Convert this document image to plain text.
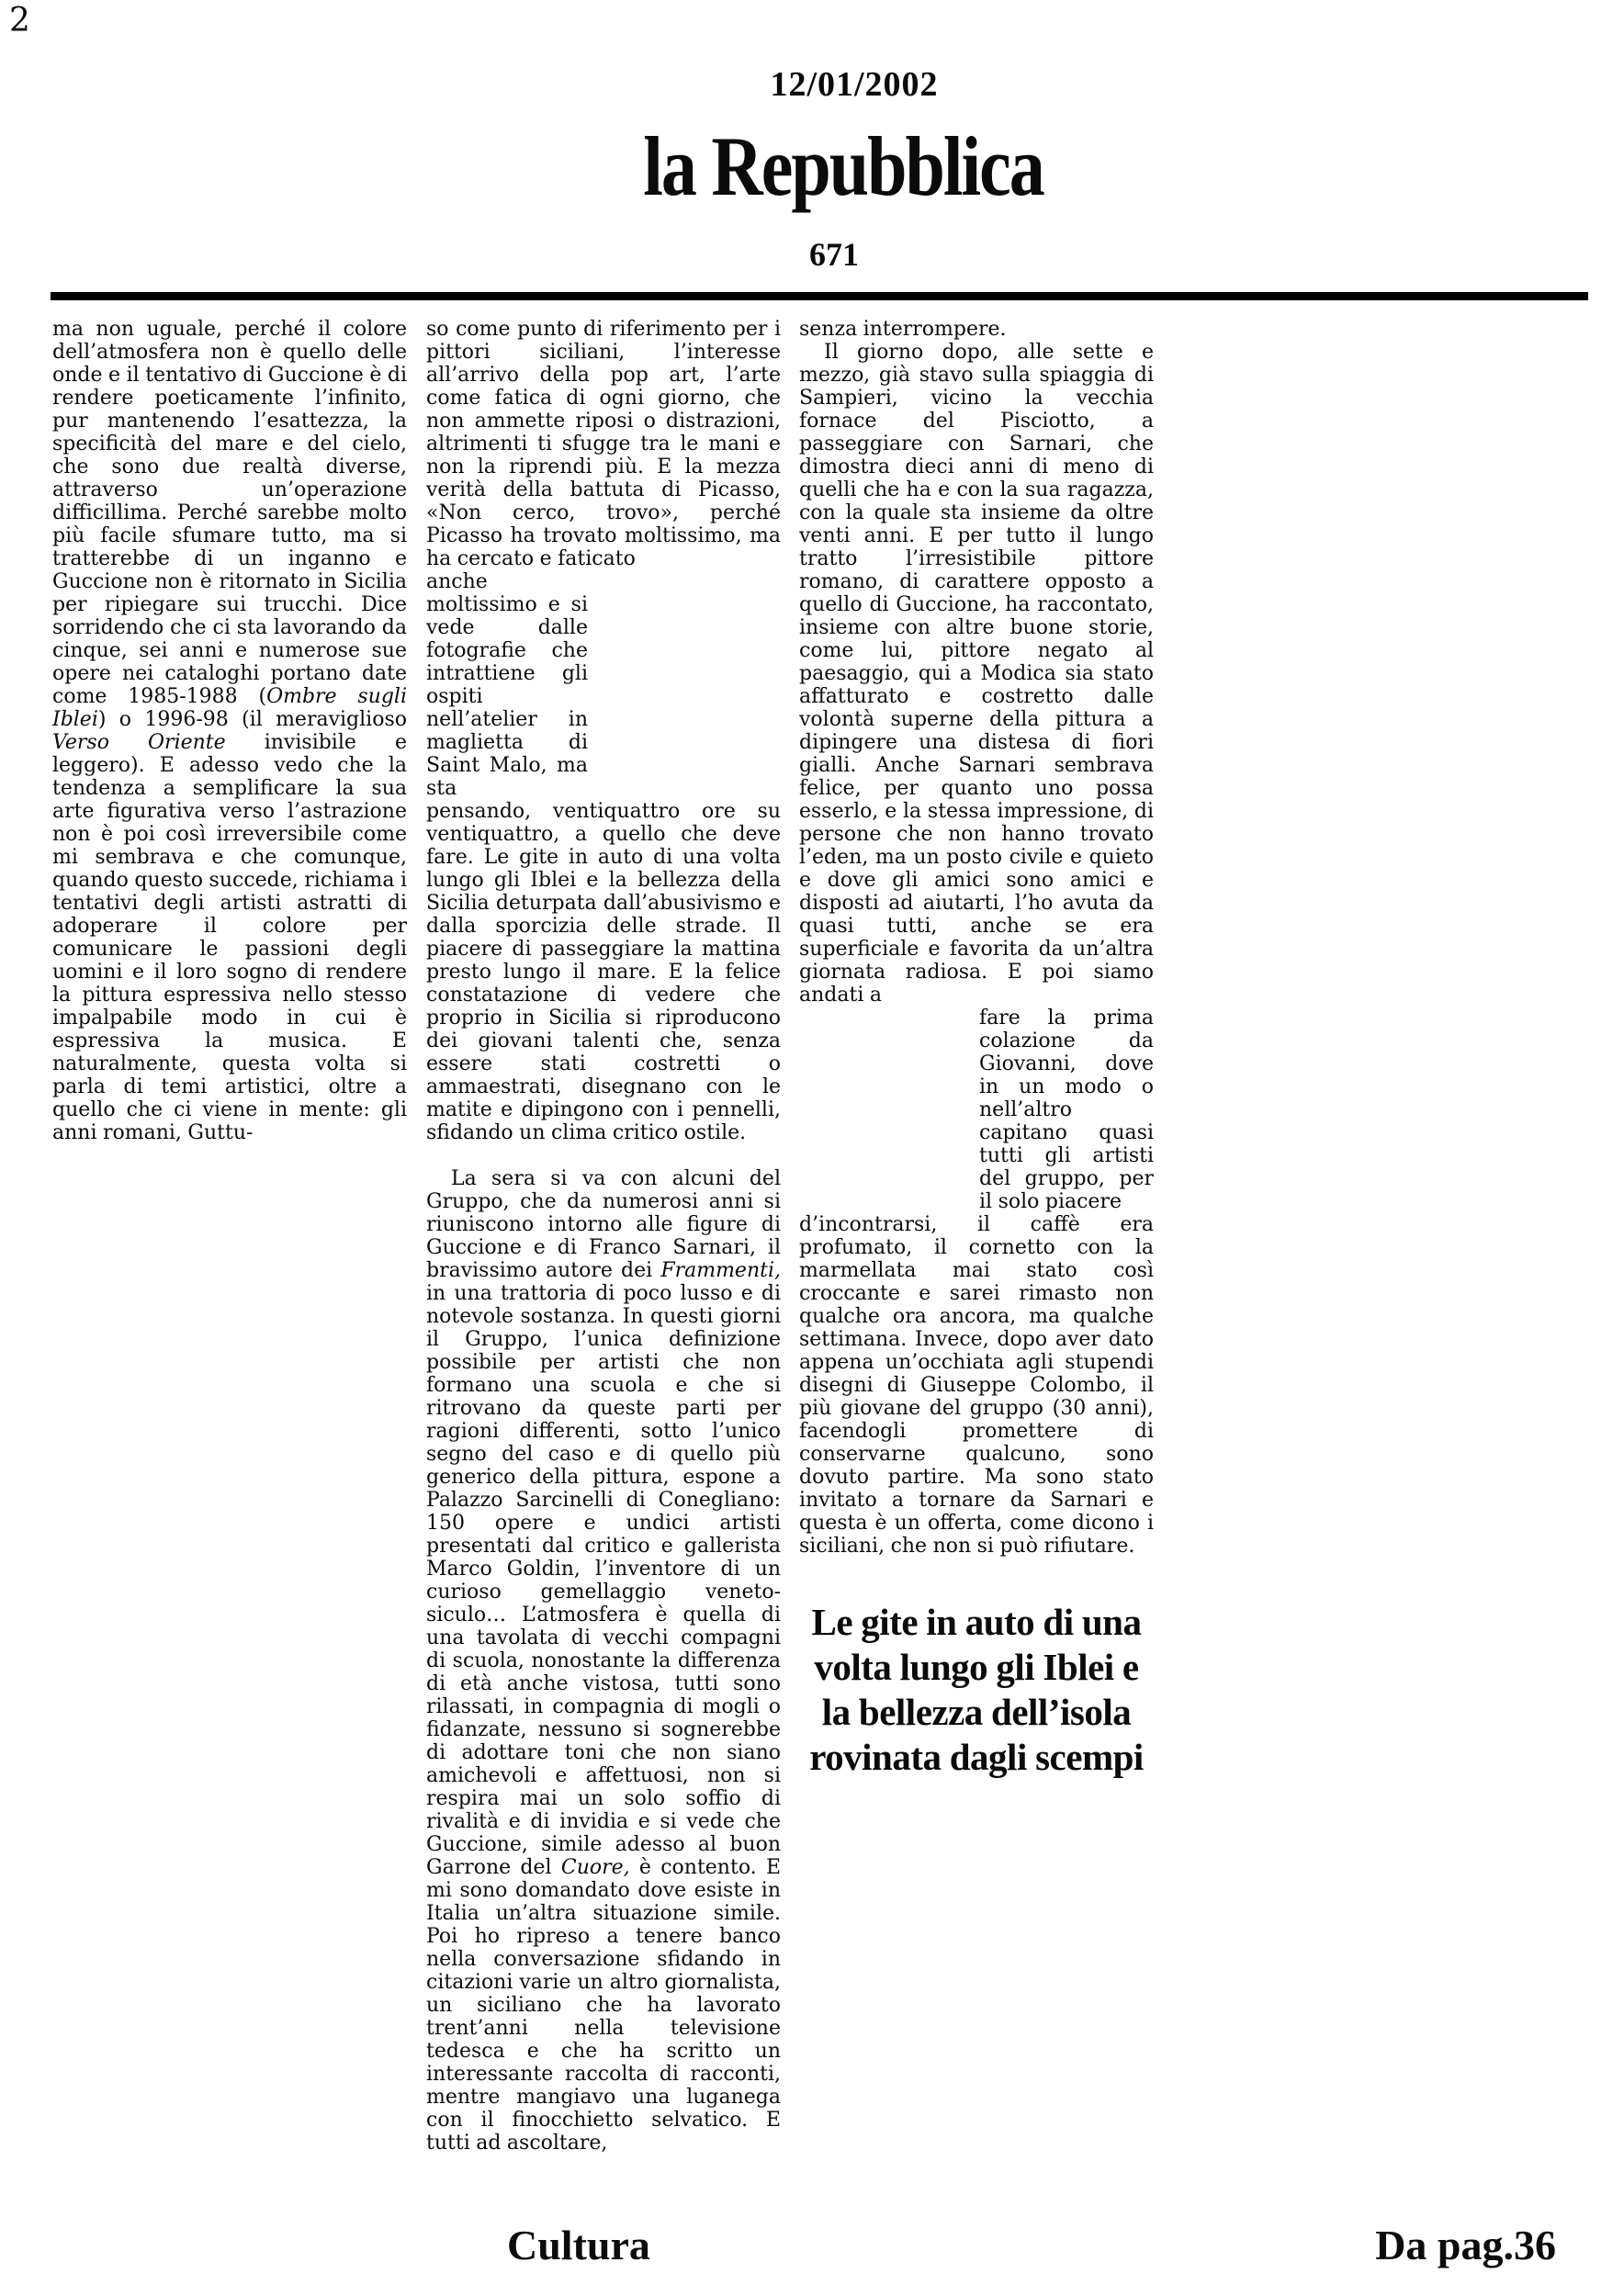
2
12/01/2002
la Repubblica
671

ma non uguale, perché il colore dell’atmosfera non è quello delle onde e il tentativo di Guccione è di rendere poeticamente l’infinito, pur mantenendo l’esattezza, la specificità del mare e del cielo, che sono due realtà diverse, attraverso un’operazione difficillima. Perché sarebbe molto più facile sfumare tutto, ma si tratterebbe di un inganno e Guccione non è ritornato in Sicilia per ripiegare sui trucchi. Dice sorridendo che ci sta lavorando da cinque, sei anni e numerose sue opere nei cataloghi portano date come 1985-1988 (Ombre sugli Iblei) o 1996-98 (il meraviglioso Verso Oriente invisibile e leggero). E adesso vedo che la tendenza a semplificare la sua arte figurativa verso l’astrazione non è poi così irreversibile come mi sembrava e che comunque, quando questo succede, richiama i tentativi degli artisti astratti di adoperare il colore per comunicare le passioni degli uomini e il loro sogno di rendere la pittura espressiva nello stesso impalpabile modo in cui è espressiva la musica. E naturalmente, questa volta si parla di temi artistici, oltre a quello che ci viene in mente: gli anni romani, Guttu-

so come punto di riferimento per i pittori siciliani, l’interesse all’arrivo della pop art, l’arte come fatica di ogni giorno, che non ammette riposi o distrazioni, altrimenti ti sfugge tra le mani e non la riprendi più. E la mezza verità della battuta di Picasso, «Non cerco, trovo», perché Picasso ha trovato moltissimo, ma ha cercato e faticato

anche moltissimo e si vede dalle fotografie che intrattiene gli ospiti nell’atelier in maglietta di Saint Malo, ma sta

pensando, ventiquattro ore su ventiquattro, a quello che deve fare. Le gite in auto di una volta lungo gli Iblei e la bellezza della Sicilia deturpata dall’abusivismo e dalla sporcizia delle strade. Il piacere di passeggiare la mattina presto lungo il mare. E la felice constatazione di vedere che proprio in Sicilia si riproducono dei giovani talenti che, senza essere stati costretti o ammaestrati, disegnano con le matite e dipingono con i pennelli, sfidando un clima critico ostile.

La sera si va con alcuni del Gruppo, che da numerosi anni si riuniscono intorno alle figure di Guccione e di Franco Sarnari, il bravissimo autore dei Frammenti, in una trattoria di poco lusso e di notevole sostanza. In questi giorni il Gruppo, l’unica definizione possibile per artisti che non formano una scuola e che si ritrovano da queste parti per ragioni differenti, sotto l’unico segno del caso e di quello più generico della pittura, espone a Palazzo Sarcinelli di Conegliano: 150 opere e undici artisti presentati dal critico e gallerista Marco Goldin, l’inventore di un curioso gemellaggio veneto-siculo… L’atmosfera è quella di una tavolata di vecchi compagni di scuola, nonostante la differenza di età anche vistosa, tutti sono rilassati, in compagnia di mogli o fidanzate, nessuno si sognerebbe di adottare toni che non siano amichevoli e affettuosi, non si respira mai un solo soffio di rivalità e di invidia e si vede che Guccione, simile adesso al buon Garrone del Cuore, è contento. E mi sono domandato dove esiste in Italia un’altra situazione simile. Poi ho ripreso a tenere banco nella conversazione sfidando in citazioni varie un altro giornalista, un siciliano che ha lavorato trent’anni nella televisione tedesca e che ha scritto un interessante raccolta di racconti, mentre mangiavo una luganega con il finocchietto selvatico. E tutti ad ascoltare,

senza interrompere.

Il giorno dopo, alle sette e mezzo, già stavo sulla spiaggia di Sampieri, vicino la vecchia fornace del Pisciotto, a passeggiare con Sarnari, che dimostra dieci anni di meno di quelli che ha e con la sua ragazza, con la quale sta insieme da oltre venti anni. E per tutto il lungo tratto l’irresistibile pittore romano, di carattere opposto a quello di Guccione, ha raccontato, insieme con altre buone storie, come lui, pittore negato al paesaggio, qui a Modica sia stato affatturato e costretto dalle volontà superne della pittura a dipingere una distesa di fiori gialli. Anche Sarnari sembrava felice, per quanto uno possa esserlo, e la stessa impressione, di persone che non hanno trovato l’eden, ma un posto civile e quieto e dove gli amici sono amici e disposti ad aiutarti, l’ho avuta da quasi tutti, anche se era superficiale e favorita da un’altra giornata radiosa. E poi siamo andati a

fare la prima colazione da Giovanni, dove in un modo o nell’altro capitano quasi tutti gli artisti del gruppo, per il solo piacere

d’incontrarsi, il caffè era profumato, il cornetto con la marmellata mai stato così croccante e sarei rimasto non qualche ora ancora, ma qualche settimana. Invece, dopo aver dato appena un’occhiata agli stupendi disegni di Giuseppe Colombo, il più giovane del gruppo (30 anni), facendogli promettere di conservarne qualcuno, sono dovuto partire. Ma sono stato invitato a tornare da Sarnari e questa è un offerta, come dicono i siciliani, che non si può rifiutare.

Le gite in auto di una
volta lungo gli Iblei e
la bellezza dell’isola
rovinata dagli scempi
Cultura	Da pag.36
